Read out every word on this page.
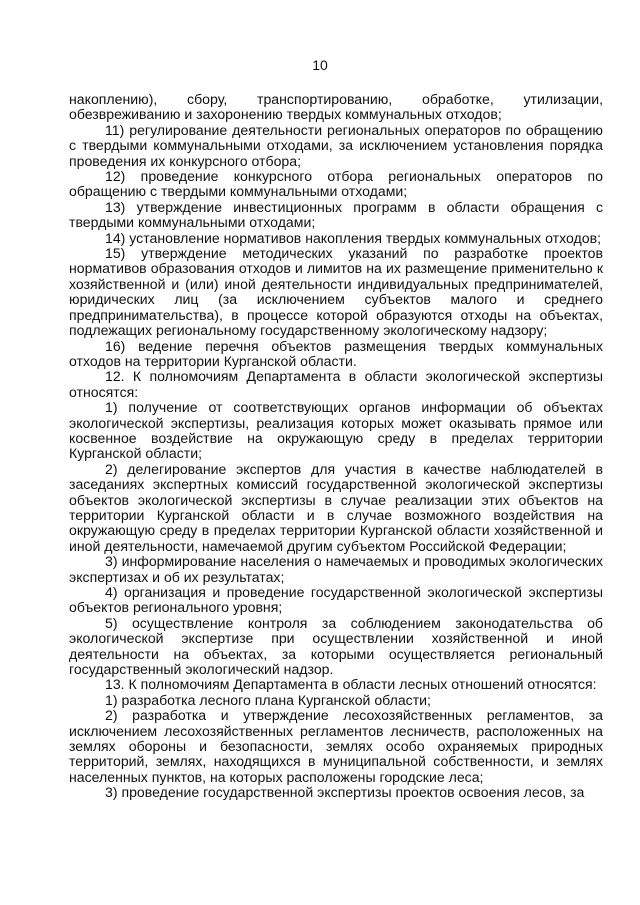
10

накоплению), сбору, транспортированию, обработке, утилизации, обезвреживанию и захоронению твердых коммунальных отходов;

11) регулирование деятельности региональных операторов по обращению с твердыми коммунальными отходами, за исключением установления порядка проведения их конкурсного отбора;

12) проведение конкурсного отбора региональных операторов по обращению с твердыми коммунальными отходами;

13) утверждение инвестиционных программ в области обращения с твердыми коммунальными отходами;

14) установление нормативов накопления твердых коммунальных отходов;

15) утверждение методических указаний по разработке проектов нормативов образования отходов и лимитов на их размещение применительно к хозяйственной и (или) иной деятельности индивидуальных предпринимателей, юридических лиц (за исключением субъектов малого и среднего предпринимательства), в процессе которой образуются отходы на объектах, подлежащих региональному государственному экологическому надзору;

16) ведение перечня объектов размещения твердых коммунальных отходов на территории Курганской области.

12. К полномочиям Департамента в области экологической экспертизы относятся:

1) получение от соответствующих органов информации об объектах экологической экспертизы, реализация которых может оказывать прямое или косвенное воздействие на окружающую среду в пределах территории Курганской области;

2) делегирование экспертов для участия в качестве наблюдателей в заседаниях экспертных комиссий государственной экологической экспертизы объектов экологической экспертизы в случае реализации этих объектов на территории Курганской области и в случае возможного воздействия на окружающую среду в пределах территории Курганской области хозяйственной и иной деятельности, намечаемой другим субъектом Российской Федерации;

3) информирование населения о намечаемых и проводимых экологических экспертизах и об их результатах;

4) организация и проведение государственной экологической экспертизы объектов регионального уровня;

5) осуществление контроля за соблюдением законодательства об экологической экспертизе при осуществлении хозяйственной и иной деятельности на объектах, за которыми осуществляется региональный государственный экологический надзор.

13. К полномочиям Департамента в области лесных отношений относятся:

1) разработка лесного плана Курганской области;

2) разработка и утверждение лесохозяйственных регламентов, за исключением лесохозяйственных регламентов лесничеств, расположенных на землях обороны и безопасности, землях особо охраняемых природных территорий, землях, находящихся в муниципальной собственности, и землях населенных пунктов, на которых расположены городские леса;

3) проведение государственной экспертизы проектов освоения лесов, за
